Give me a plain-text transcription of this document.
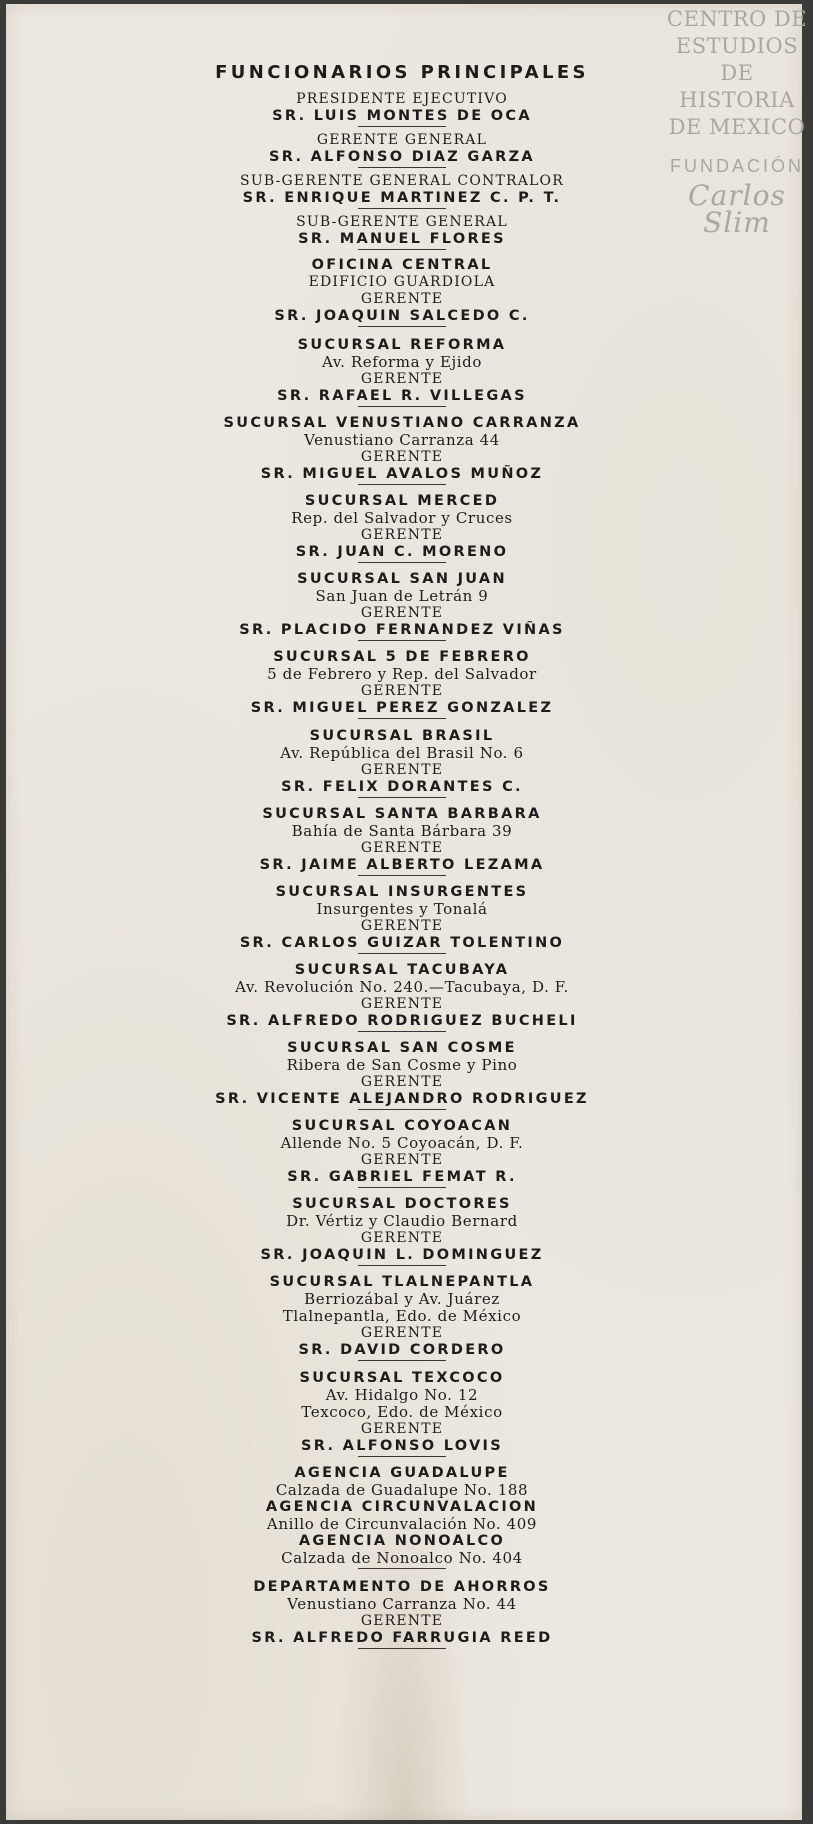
CENTRO DE
ESTUDIOS
DE HISTORIA
DE MEXICO
FUNDACIÓN
Carlos Slim
FUNCIONARIOS PRINCIPALES
PRESIDENTE EJECUTIVO
SR. LUIS MONTES DE OCA
GERENTE GENERAL
SR. ALFONSO DIAZ GARZA
SUB-GERENTE GENERAL CONTRALOR
SR. ENRIQUE MARTINEZ C. P. T.
SUB-GERENTE GENERAL
SR. MANUEL FLORES
OFICINA CENTRAL
EDIFICIO GUARDIOLA
GERENTE
SR. JOAQUIN SALCEDO C.
SUCURSAL REFORMA
Av. Reforma y Ejido
GERENTE
SR. RAFAEL R. VILLEGAS
SUCURSAL VENUSTIANO CARRANZA
Venustiano Carranza 44
GERENTE
SR. MIGUEL AVALOS MUÑOZ
SUCURSAL MERCED
Rep. del Salvador y Cruces
GERENTE
SR. JUAN C. MORENO
SUCURSAL SAN JUAN
San Juan de Letrán 9
GERENTE
SR. PLACIDO FERNANDEZ VIÑAS
SUCURSAL 5 DE FEBRERO
5 de Febrero y Rep. del Salvador
GERENTE
SR. MIGUEL PEREZ GONZALEZ
SUCURSAL BRASIL
Av. República del Brasil No. 6
GERENTE
SR. FELIX DORANTES C.
SUCURSAL SANTA BARBARA
Bahía de Santa Bárbara 39
GERENTE
SR. JAIME ALBERTO LEZAMA
SUCURSAL INSURGENTES
Insurgentes y Tonalá
GERENTE
SR. CARLOS GUIZAR TOLENTINO
SUCURSAL TACUBAYA
Av. Revolución No. 240.—Tacubaya, D. F.
GERENTE
SR. ALFREDO RODRIGUEZ BUCHELI
SUCURSAL SAN COSME
Ribera de San Cosme y Pino
GERENTE
SR. VICENTE ALEJANDRO RODRIGUEZ
SUCURSAL COYOACAN
Allende No. 5 Coyoacán, D. F.
GERENTE
SR. GABRIEL FEMAT R.
SUCURSAL DOCTORES
Dr. Vértiz y Claudio Bernard
GERENTE
SR. JOAQUIN L. DOMINGUEZ
SUCURSAL TLALNEPANTLA
Berriozábal y Av. Juárez
Tlalnepantla, Edo. de México
GERENTE
SR. DAVID CORDERO
SUCURSAL TEXCOCO
Av. Hidalgo No. 12
Texcoco, Edo. de México
GERENTE
SR. ALFONSO LOVIS
AGENCIA GUADALUPE
Calzada de Guadalupe No. 188
AGENCIA CIRCUNVALACION
Anillo de Circunvalación No. 409
AGENCIA NONOALCO
Calzada de Nonoalco No. 404
DEPARTAMENTO DE AHORROS
Venustiano Carranza No. 44
GERENTE
SR. ALFREDO FARRUGIA REED
